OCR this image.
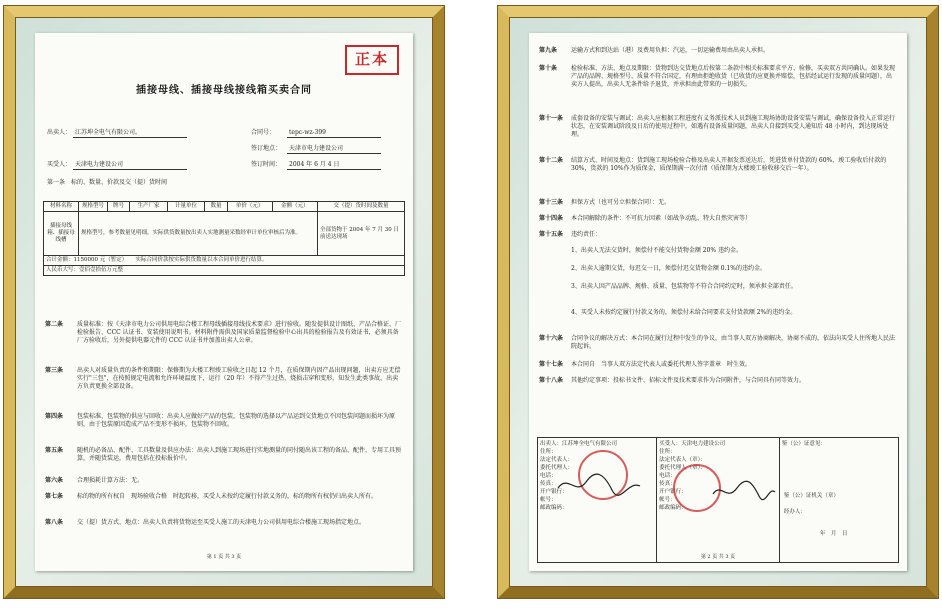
正本
插接母线、插接母线接线箱买卖合同
出卖人： 江苏坤全电气有限公司。	合同号：	tepc-wz-399
签订地点：	天津市电力建设公司
买受人： 天津电力建设公司	签订时间：	2004 年 6 月 4 日
第一条　标的、数量、价款及交（提）货时间
材料名称	规格型号	牌号	生产厂家	计量单位	数量	单价（元）	金额（元）	交（提）货时间及数量
插接母线箱、插接母线槽	规格型号，参考数量见明细，实际供货数量按出卖人实地测量采数经审计单位审核后为准。							全部货物于 2004 年 7 月 30 日前送达现场
合计金额：1150000 元（暂定）　　实际合同价款按实际供货数量以本合同单价进行结算。								
人民币大写：壹佰壹拾伍万元整								
第二条	质量标准：按《天津市电力公司供用电综合楼工程母线插接母线技术要求》进行验收。随发提供设计图纸、产品合格证、厂检验报告、CCC 认证书、安装使用说明书。材料附件需供及国家质量监督检验中心出具的检验报告及有效证书，必须具备厂方验收后，另外提供电器元件的 CCC 认证书并加盖出卖人公章。
第三条	出卖人对质量负责的条件和期限：保修期为大楼工程竣工验收之日起 12 个月，在质保期内因产品出现问题，出卖方应无偿实行"三包"，在按照规定电流和允许环境温度下，运行（20 年）不得产生过热、烧损击穿和变形，知发生此类事故，出卖方负责更换全部设备。
第四条	包装标准、包装物的供应与回收：出卖人应做好产品的包装，包装物的选择以产品运到交货地点不因包装问题而损坏为原则，由于包装原因造成产品不变形不损坏，包装物不回收。
第五条	随机的必备品、配件、工具数量及供应办法：出卖人到施工现场进行实地测量的同付随出该工程的备品、配件，专用工具预算，并随货装运，费用包括在投标报价中。
第六条	合理损耗计算方法：无。
第七条	标的物的所有权自　现场验收合格　时起转移，买受人未按约定履行付款义务的，标的物所有权仍归出卖人所有。
第八条	交（提）货方式、地点：出卖人负责将货物运至买受人施工的天津电力公司供用电综合楼施工现场指定地点。
第 1 页 共 3 页
第九条	运输方式和到达站（港）及费用负担：汽运，一切运输费用由出卖人承担。
第十条	检验标准、方法、地点及期限：货物到达交货地点后按第二条款中相关标准要求平方、验修，买卖双方共同确认。如果发现产品的品牌、规格型号、质量不符合国定，有理由拒绝收货（已收货的应更换并赔偿，包括经试运行发现的质量问题），出卖方人提出，出卖人无条件给予退货，并承担由此带来的一切损失。
第十一条	成套设备的安装与调试：出卖人应根据工程进度有义务派技术人员到施工现场协助设备安装与调试，确保设备投入正常运行状态，在安装调试阶段及日后的使用过程中，如遇有设备质量问题，出卖人自接到买受人通知后 48 小时内，到达现场处理。
第十二条	结算方式、时间及地点：货到施工现场检验合格及出卖人开据发票送达后，凭进货单付货款的 60%，竣工验收后付款的 30%，货款的 10%作为质保金，质保期满一次付清（质保期为大楼竣工验收移交后一年）。
第十三条	担保方式（也可另立担保合同）：无。
第十四条	本合同解除的条件：不可抗力因素（如战争动乱、特大自然灾害等）
第十五条	违约责任：
1、出卖人无法交货时，须偿付不能交付货物金额 20% 违约金。
2、出卖人逾期交货，每迟交一日，须偿付迟交货物金额 0.1%的违约金。
3、出卖人因产品品牌、规格、质量、包装物等不符合合同约定时，须承担全部责任。
4、买受人未按约定履行付款义务的，须偿付未给合同要求支付货款额 2%的违约金。
第十六条	合同争议的解决方式：本合同在履行过程中发生的争议，由当事人双方协商解决，协商不成的，依法向买受人住所地人民法院起诉。
第十七条	本合同自　当事人双方法定代表人或委托代理人签字盖章　时生效。
第十八条	其他约定事项：投标书文件、招标文件及技术要求作为合同附件，与合同具有同等效力。
出卖人：江苏坤全电气有限公司
住所：
法定代表人：
委托代理人：
电话：
传真：
开户银行：
帐号：
邮政编码：

买受人：天津电力建设公司
住所：
法定代表人（章）：
委托代理人（章）：
电话：
传真：
开户银行：
帐号：
邮政编码：

鉴（公）证意见：
鉴（公）证机关（章）
经办人：
年　月　日
第 2 页 共 3 页
